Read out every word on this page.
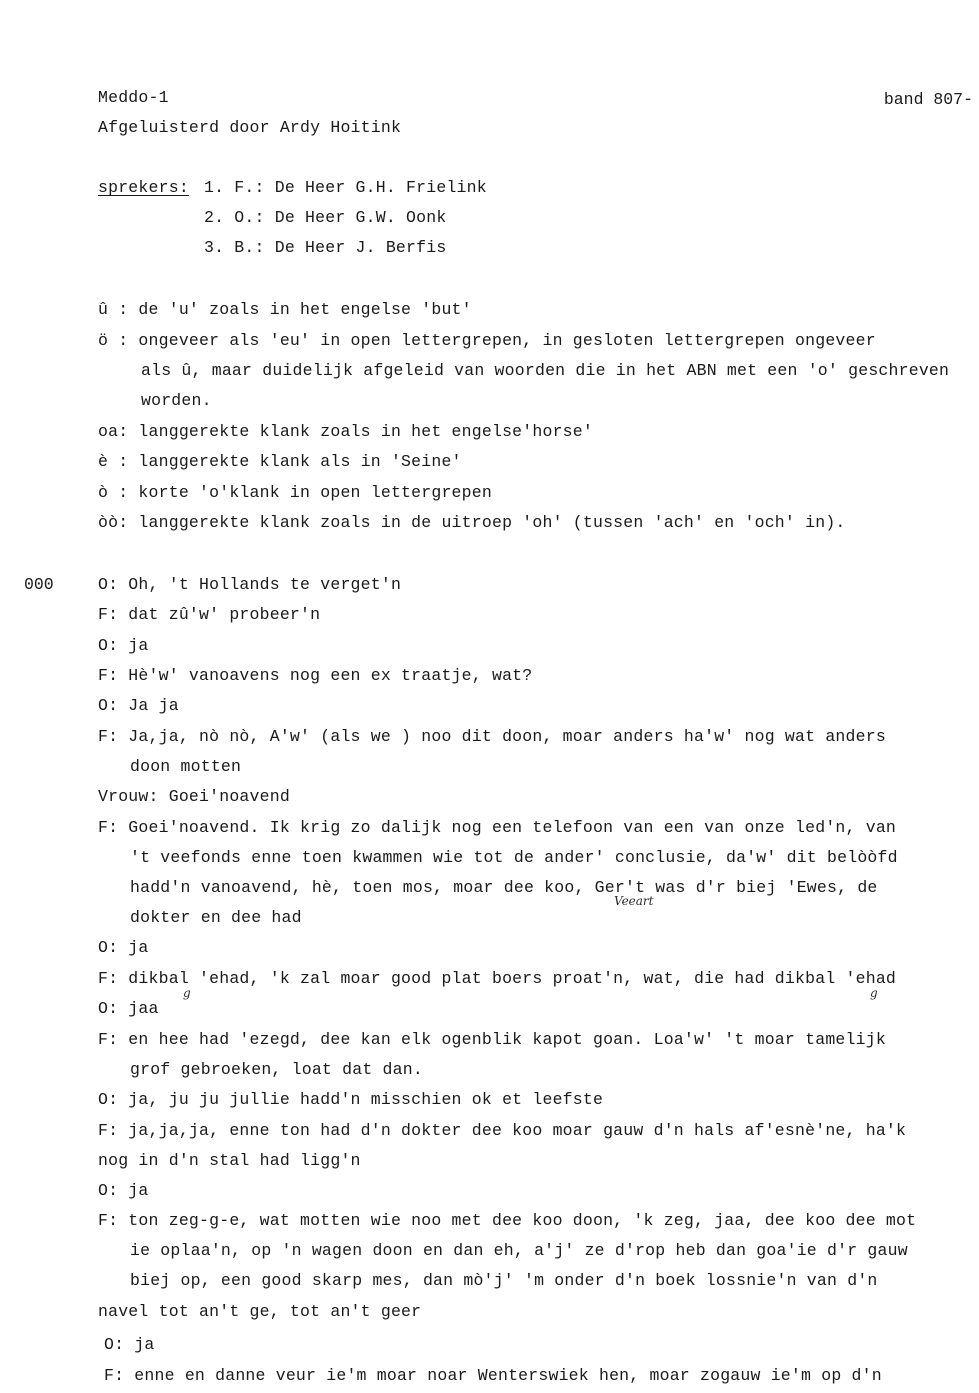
Meddo-1	band 807-
Afgeluisterd door Ardy Hoitink
sprekers: 1. F.: De Heer G.H. Frielink
2. O.: De Heer G.W. Oonk
3. B.: De Heer J. Berfis
û : de 'u' zoals in het engelse 'but'
ö : ongeveer als 'eu' in open lettergrepen, in gesloten lettergrepen ongeveer
als û, maar duidelijk afgeleid van woorden die in het ABN met een 'o' geschreven
worden.
oa: langgerekte klank zoals in het engelse'horse'
è : langgerekte klank als in 'Seine'
ò : korte 'o'klank in open lettergrepen
òò: langgerekte klank zoals in de uitroep 'oh' (tussen 'ach' en 'och' in).
000	O: Oh, 't Hollands te verget'n
F: dat zû'w' probeer'n
O: ja
F: Hè'w' vanoavens nog een ex traatje, wat?
O: Ja ja
F: Ja,ja, nò nò, A'w' (als we ) noo dit doon, moar anders ha'w' nog wat anders
doon motten
Vrouw: Goei'noavend
F: Goei'noavend. Ik krig zo dalijk nog een telefoon van een van onze led'n, van
't veefonds enne toen kwammen wie tot de ander' conclusie, da'w' dit belòòfd
hadd'n vanoavend, hè, toen mos, moar dee koo, Ger't was d'r biej 'Ewes, de
Veeart
dokter en dee had
O: ja
F: dikbal 'ehad, 'k zal moar good plat boers proat'n, wat, die had dikbal 'ehad
g	g
O: jaa
F: en hee had 'ezegd, dee kan elk ogenblik kapot goan. Loa'w' 't moar tamelijk
grof gebroeken, loat dat dan.
O: ja, ju ju jullie hadd'n misschien ok et leefste
F: ja,ja,ja, enne ton had d'n dokter dee koo moar gauw d'n hals af'esnè'ne, ha'k
nog in d'n stal had ligg'n
O: ja
F: ton zeg-g-e, wat motten wie noo met dee koo doon, 'k zeg, jaa, dee koo dee mot
ie oplaa'n, op 'n wagen doon en dan eh, a'j' ze d'rop heb dan goa'ie d'r gauw
biej op, een good skarp mes, dan mò'j' 'm onder d'n boek lossnie'n van d'n
navel tot an't ge, tot an't geer
O: ja
F: enne en danne veur ie'm moar noar Wenterswiek hen, moar zogauw ie'm op d'n
